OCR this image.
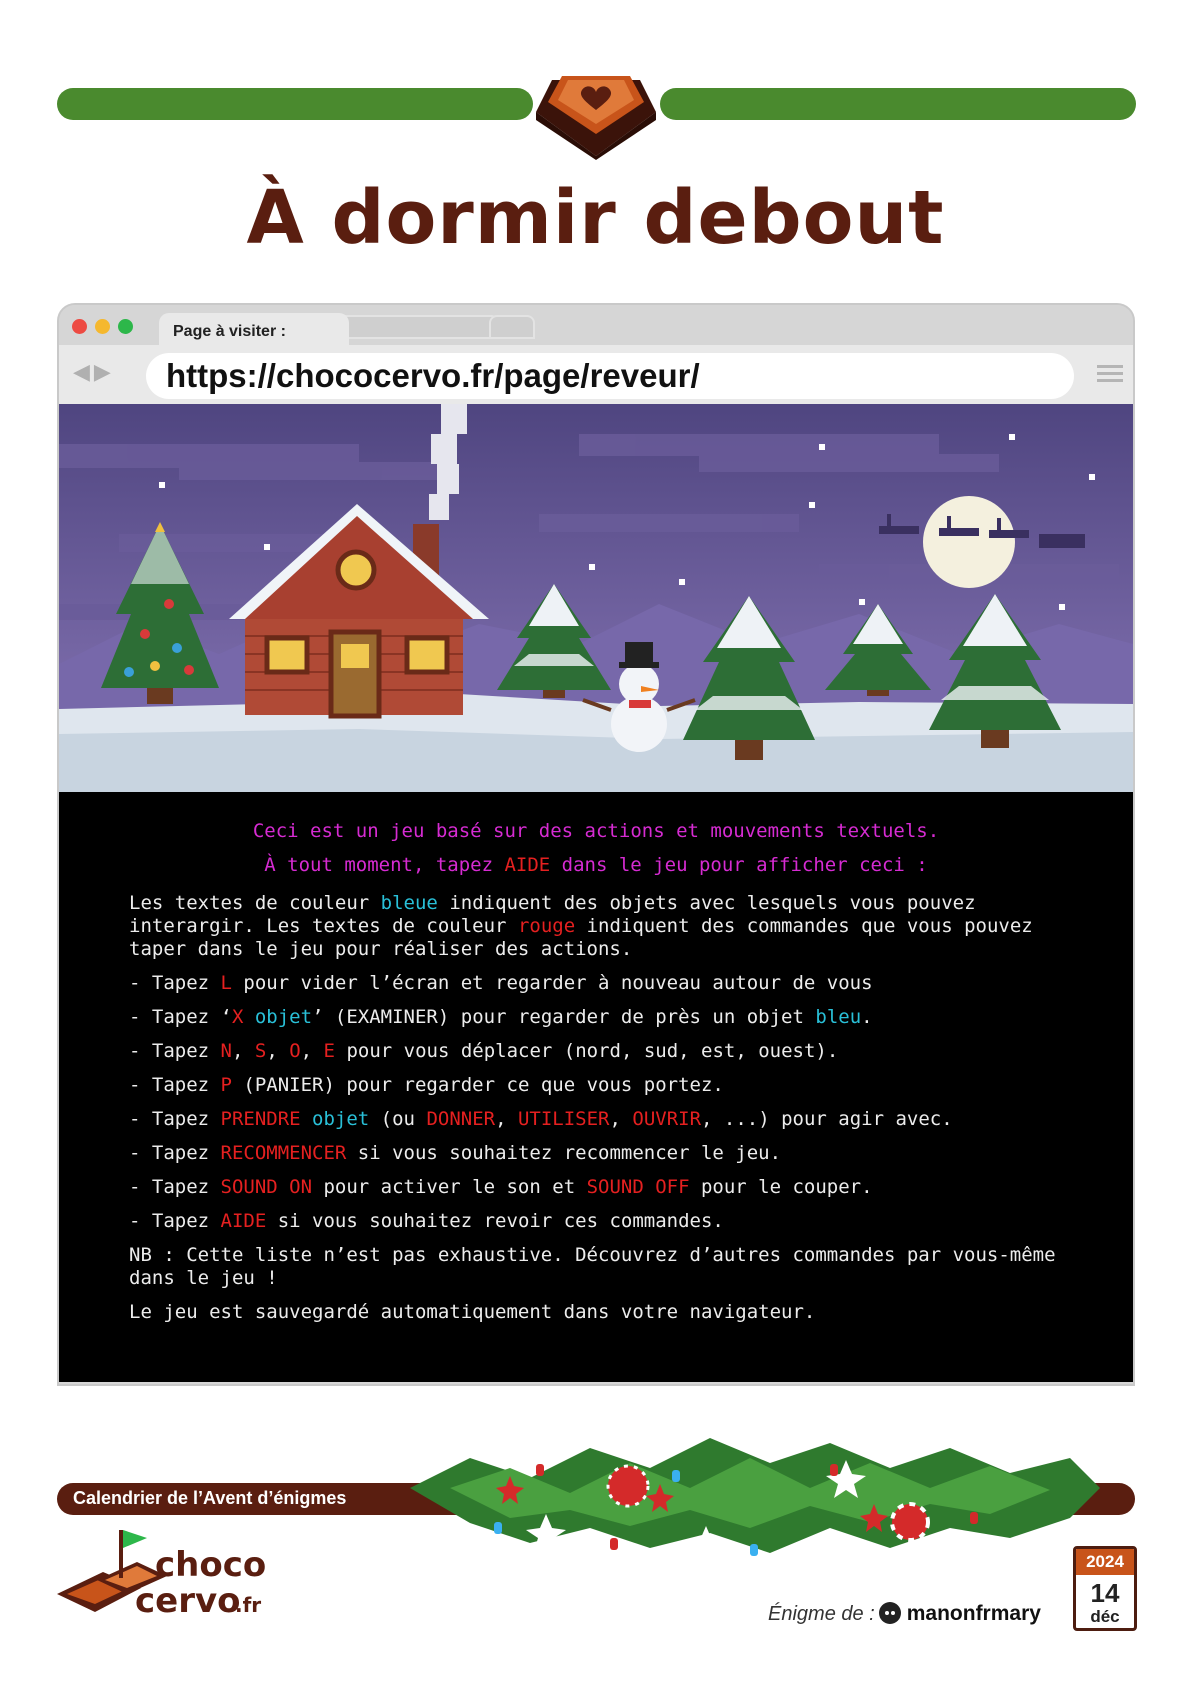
À dormir debout
Page à visiter :
◀▶	https://chococervo.fr/page/reveur/
Ceci est un jeu basé sur des actions et mouvements textuels.
À tout moment, tapez AIDE dans le jeu pour afficher ceci :

Les textes de couleur bleue indiquent des objets avec lesquels vous pouvez interargir. Les textes de couleur rouge indiquent des commandes que vous pouvez taper dans le jeu pour réaliser des actions.

- Tapez L pour vider l’écran et regarder à nouveau autour de vous

- Tapez ‘X objet’ (EXAMINER) pour regarder de près un objet bleu.

- Tapez N, S, O, E pour vous déplacer (nord, sud, est, ouest).

- Tapez P (PANIER) pour regarder ce que vous portez.

- Tapez PRENDRE objet (ou DONNER, UTILISER, OUVRIR, ...) pour agir avec.

- Tapez RECOMMENCER si vous souhaitez recommencer le jeu.

- Tapez SOUND ON pour activer le son et SOUND OFF pour le couper.

- Tapez AIDE si vous souhaitez revoir ces commandes.

NB : Cette liste n’est pas exhaustive. Découvrez d’autres commandes par vous-même dans le jeu !

Le jeu est sauvegardé automatiquement dans votre navigateur.

Calendrier de l’Avent d’énigmes
choco
cervo
.fr	Énigme de : manonfrmary
2024
14
déc
